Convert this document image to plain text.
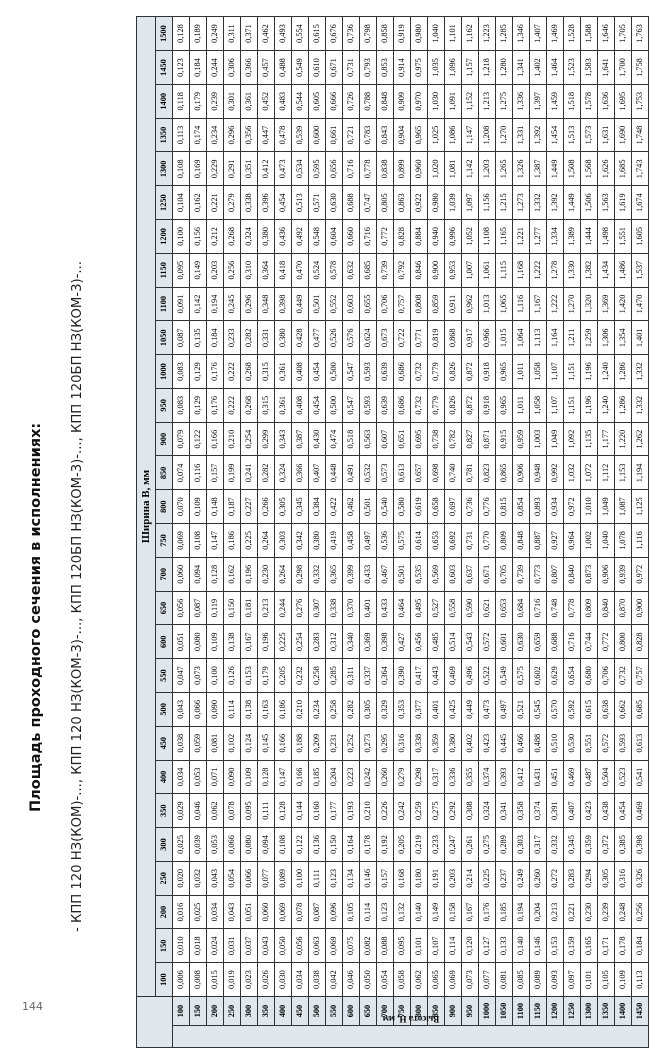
144
Площадь проходного сечения в исполнениях: - КПП 120 НЗ(КОМ)-..., КПП 120 НЗ(КОМ-3)-..., КПП 120БП НЗ(КОМ-3)-..., КПП 120БП НЗ(КОМ-3)-...
		Ширина В, мм																												
		100	150	200	250	300	350	400	450	500	550	600	650	700	750	800	850	900	950	1000	1050	1100	1150	1200	1250	1300	1350	1400	1450	1500
Высота Н, мм	100	0,006	0,010	0,016	0,020	0,025	0,029	0,034	0,038	0,043	0,047	0,051	0,056	0,060	0,069	0,070	0,074	0,079	0,083	0,083	0,087	0,091	0,095	0,100	0,104	0,108	0,113	0,118	0,123	0,128
	150	0,008	0,018	0,025	0,032	0,039	0,046	0,053	0,059	0,066	0,073	0,080	0,087	0,094	0,108	0,109	0,116	0,122	0,129	0,129	0,135	0,142	0,149	0,156	0,162	0,169	0,174	0,179	0,184	0,189
	200	0,015	0,024	0,034	0,043	0,053	0,062	0,071	0,081	0,090	0,100	0,109	0,119	0,128	0,147	0,148	0,157	0,166	0,176	0,176	0,184	0,194	0,203	0,212	0,221	0,229	0,234	0,239	0,244	0,249
	250	0,019	0,031	0,043	0,054	0,066	0,078	0,090	0,102	0,114	0,126	0,138	0,150	0,162	0,186	0,187	0,199	0,210	0,222	0,222	0,233	0,245	0,256	0,268	0,279	0,291	0,296	0,301	0,306	0,311
	300	0,023	0,037	0,051	0,066	0,080	0,095	0,109	0,124	0,138	0,153	0,167	0,181	0,196	0,225	0,227	0,241	0,254	0,268	0,268	0,282	0,296	0,310	0,324	0,338	0,351	0,356	0,361	0,366	0,371
	350	0,026	0,043	0,060	0,077	0,094	0,111	0,128	0,145	0,163	0,179	0,196	0,213	0,230	0,264	0,266	0,282	0,299	0,315	0,315	0,331	0,348	0,364	0,380	0,396	0,412	0,447	0,452	0,457	0,462
	400	0,030	0,050	0,069	0,089	0,108	0,128	0,147	0,166	0,186	0,205	0,225	0,244	0,264	0,303	0,305	0,324	0,343	0,361	0,361	0,380	0,398	0,418	0,436	0,454	0,473	0,478	0,483	0,488	0,493
	450	0,034	0,056	0,078	0,100	0,122	0,144	0,166	0,188	0,210	0,232	0,254	0,276	0,298	0,342	0,345	0,366	0,387	0,408	0,408	0,428	0,449	0,470	0,492	0,513	0,534	0,539	0,544	0,549	0,554
	500	0,038	0,063	0,087	0,111	0,136	0,160	0,185	0,209	0,234	0,258	0,283	0,307	0,332	0,380	0,384	0,407	0,430	0,454	0,454	0,477	0,501	0,524	0,548	0,571	0,595	0,600	0,605	0,610	0,615
	550	0,042	0,069	0,096	0,123	0,150	0,177	0,204	0,231	0,258	0,285	0,312	0,338	0,365	0,419	0,422	0,448	0,474	0,500	0,500	0,526	0,552	0,578	0,604	0,630	0,656	0,661	0,666	0,671	0,676
	600	0,046	0,075	0,105	0,134	0,164	0,193	0,223	0,252	0,282	0,311	0,340	0,370	0,399	0,458	0,462	0,491	0,518	0,547	0,547	0,576	0,603	0,632	0,660	0,688	0,716	0,721	0,726	0,731	0,736
	650	0,050	0,082	0,114	0,146	0,178	0,210	0,242	0,273	0,305	0,337	0,369	0,401	0,433	0,497	0,501	0,532	0,563	0,593	0,593	0,624	0,655	0,685	0,716	0,747	0,778	0,783	0,788	0,793	0,798
	700	0,054	0,088	0,123	0,157	0,192	0,226	0,260	0,295	0,329	0,364	0,398	0,433	0,467	0,536	0,540	0,573	0,607	0,639	0,639	0,673	0,706	0,739	0,772	0,805	0,838	0,843	0,848	0,853	0,858
	750	0,058	0,095	0,132	0,168	0,205	0,242	0,279	0,316	0,353	0,390	0,427	0,464	0,501	0,575	0,580	0,613	0,651	0,686	0,686	0,722	0,757	0,792	0,828	0,863	0,899	0,904	0,909	0,914	0,919
	800	0,062	0,101	0,140	0,180	0,219	0,259	0,298	0,338	0,377	0,417	0,456	0,495	0,535	0,614	0,619	0,657	0,695	0,732	0,732	0,771	0,808	0,846	0,884	0,922	0,960	0,965	0,970	0,975	0,980
	850	0,065	0,107	0,149	0,191	0,233	0,275	0,317	0,359	0,401	0,443	0,485	0,527	0,569	0,653	0,658	0,698	0,738	0,779	0,779	0,819	0,859	0,900	0,940	0,980	1,020	1,025	1,030	1,035	1,040
	900	0,069	0,114	0,158	0,203	0,247	0,292	0,336	0,380	0,425	0,469	0,514	0,558	0,603	0,692	0,697	0,740	0,782	0,826	0,826	0,868	0,911	0,953	0,996	1,039	1,081	1,086	1,091	1,096	1,101
	950	0,073	0,120	0,167	0,214	0,261	0,308	0,355	0,402	0,449	0,496	0,543	0,590	0,637	0,731	0,736	0,781	0,827	0,872	0,872	0,917	0,962	1,007	1,052	1,097	1,142	1,147	1,152	1,157	1,162
	1000	0,077	0,127	0,176	0,225	0,275	0,324	0,374	0,423	0,473	0,522	0,572	0,621	0,671	0,770	0,776	0,823	0,871	0,918	0,918	0,966	1,013	1,061	1,108	1,156	1,203	1,208	1,213	1,218	1,223
	1050	0,081	0,133	0,185	0,237	0,289	0,341	0,393	0,445	0,497	0,549	0,601	0,653	0,705	0,809	0,815	0,865	0,915	0,965	0,965	1,015	1,065	1,115	1,165	1,215	1,265	1,270	1,275	1,280	1,285
	1100	0,085	0,140	0,194	0,249	0,303	0,358	0,412	0,466	0,521	0,575	0,630	0,684	0,739	0,848	0,854	0,906	0,959	1,011	1,011	1,064	1,116	1,168	1,221	1,273	1,326	1,331	1,336	1,341	1,346
	1150	0,089	0,146	0,204	0,260	0,317	0,374	0,431	0,488	0,545	0,602	0,659	0,716	0,773	0,887	0,893	0,948	1,003	1,058	1,058	1,113	1,167	1,222	1,277	1,332	1,387	1,392	1,397	1,402	1,407
	1200	0,093	0,153	0,213	0,272	0,332	0,391	0,451	0,510	0,570	0,629	0,688	0,748	0,807	0,927	0,934	0,992	1,049	1,107	1,107	1,164	1,222	1,278	1,334	1,392	1,449	1,454	1,459	1,464	1,469
	1250	0,097	0,159	0,221	0,283	0,345	0,407	0,469	0,530	0,592	0,654	0,716	0,778	0,840	0,964	0,972	1,032	1,092	1,151	1,151	1,211	1,270	1,330	1,389	1,449	1,508	1,513	1,518	1,523	1,528
	1300	0,101	0,165	0,230	0,294	0,359	0,423	0,487	0,551	0,615	0,680	0,744	0,809	0,873	1,002	1,010	1,072	1,135	1,196	1,196	1,259	1,320	1,382	1,444	1,506	1,568	1,573	1,578	1,583	1,588
	1350	0,105	0,171	0,239	0,305	0,372	0,438	0,504	0,572	0,638	0,706	0,772	0,840	0,906	1,040	1,049	1,112	1,177	1,240	1,240	1,306	1,369	1,434	1,498	1,563	1,626	1,631	1,636	1,641	1,646
	1400	0,109	0,178	0,248	0,316	0,385	0,454	0,523	0,593	0,662	0,732	0,800	0,870	0,939	1,078	1,087	1,153	1,220	1,286	1,286	1,354	1,420	1,486	1,551	1,619	1,685	1,690	1,695	1,700	1,705
	1450	0,113	0,184	0,256	0,326	0,398	0,469	0,541	0,613	0,685	0,757	0,828	0,900	0,972	1,116	1,125	1,194	1,262	1,332	1,332	1,401	1,470	1,537	1,605	1,674	1,743	1,748	1,753	1,758	1,763
